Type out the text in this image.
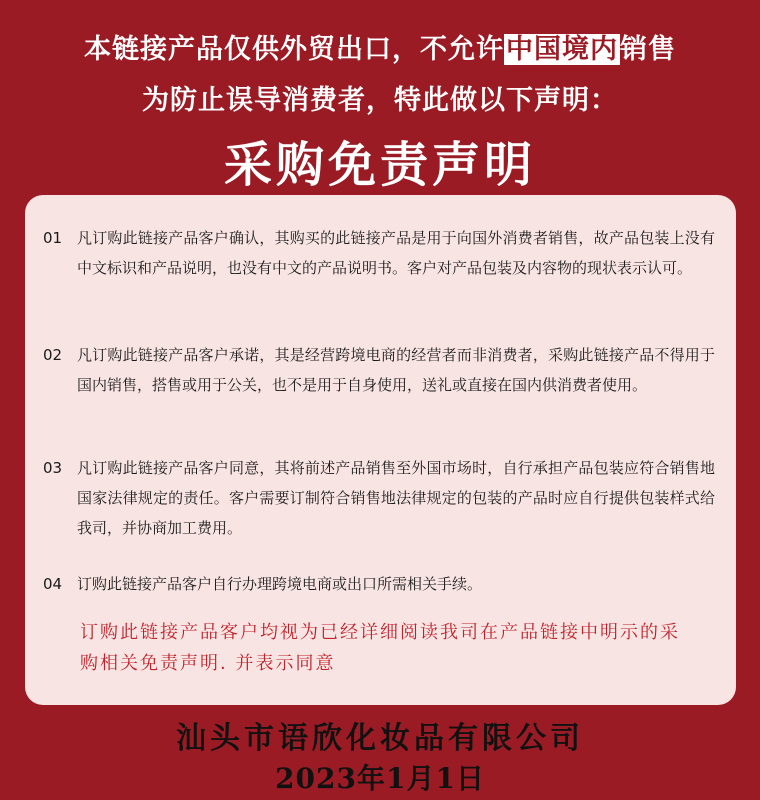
本链接产品仅供外贸出口，不允许中国境内销售
为防止误导消费者，特此做以下声明：
采购免责声明
01 凡订购此链接产品客户确认，其购买的此链接产品是用于向国外消费者销售，故产品包装上没有中文标识和产品说明，也没有中文的产品说明书。客户对产品包装及内容物的现状表示认可。
02 凡订购此链接产品客户承诺，其是经营跨境电商的经营者而非消费者，采购此链接产品不得用于国内销售，搭售或用于公关，也不是用于自身使用，送礼或直接在国内供消费者使用。
03 凡订购此链接产品客户同意，其将前述产品销售至外国市场时，自行承担产品包装应符合销售地国家法律规定的责任。客户需要订制符合销售地法律规定的包装的产品时应自行提供包装样式给我司，并协商加工费用。
04 订购此链接产品客户自行办理跨境电商或出口所需相关手续。
订购此链接产品客户均视为已经详细阅读我司在产品链接中明示的采购相关免责声明. 并表示同意
汕头市语欣化妆品有限公司
2023年1月1日
